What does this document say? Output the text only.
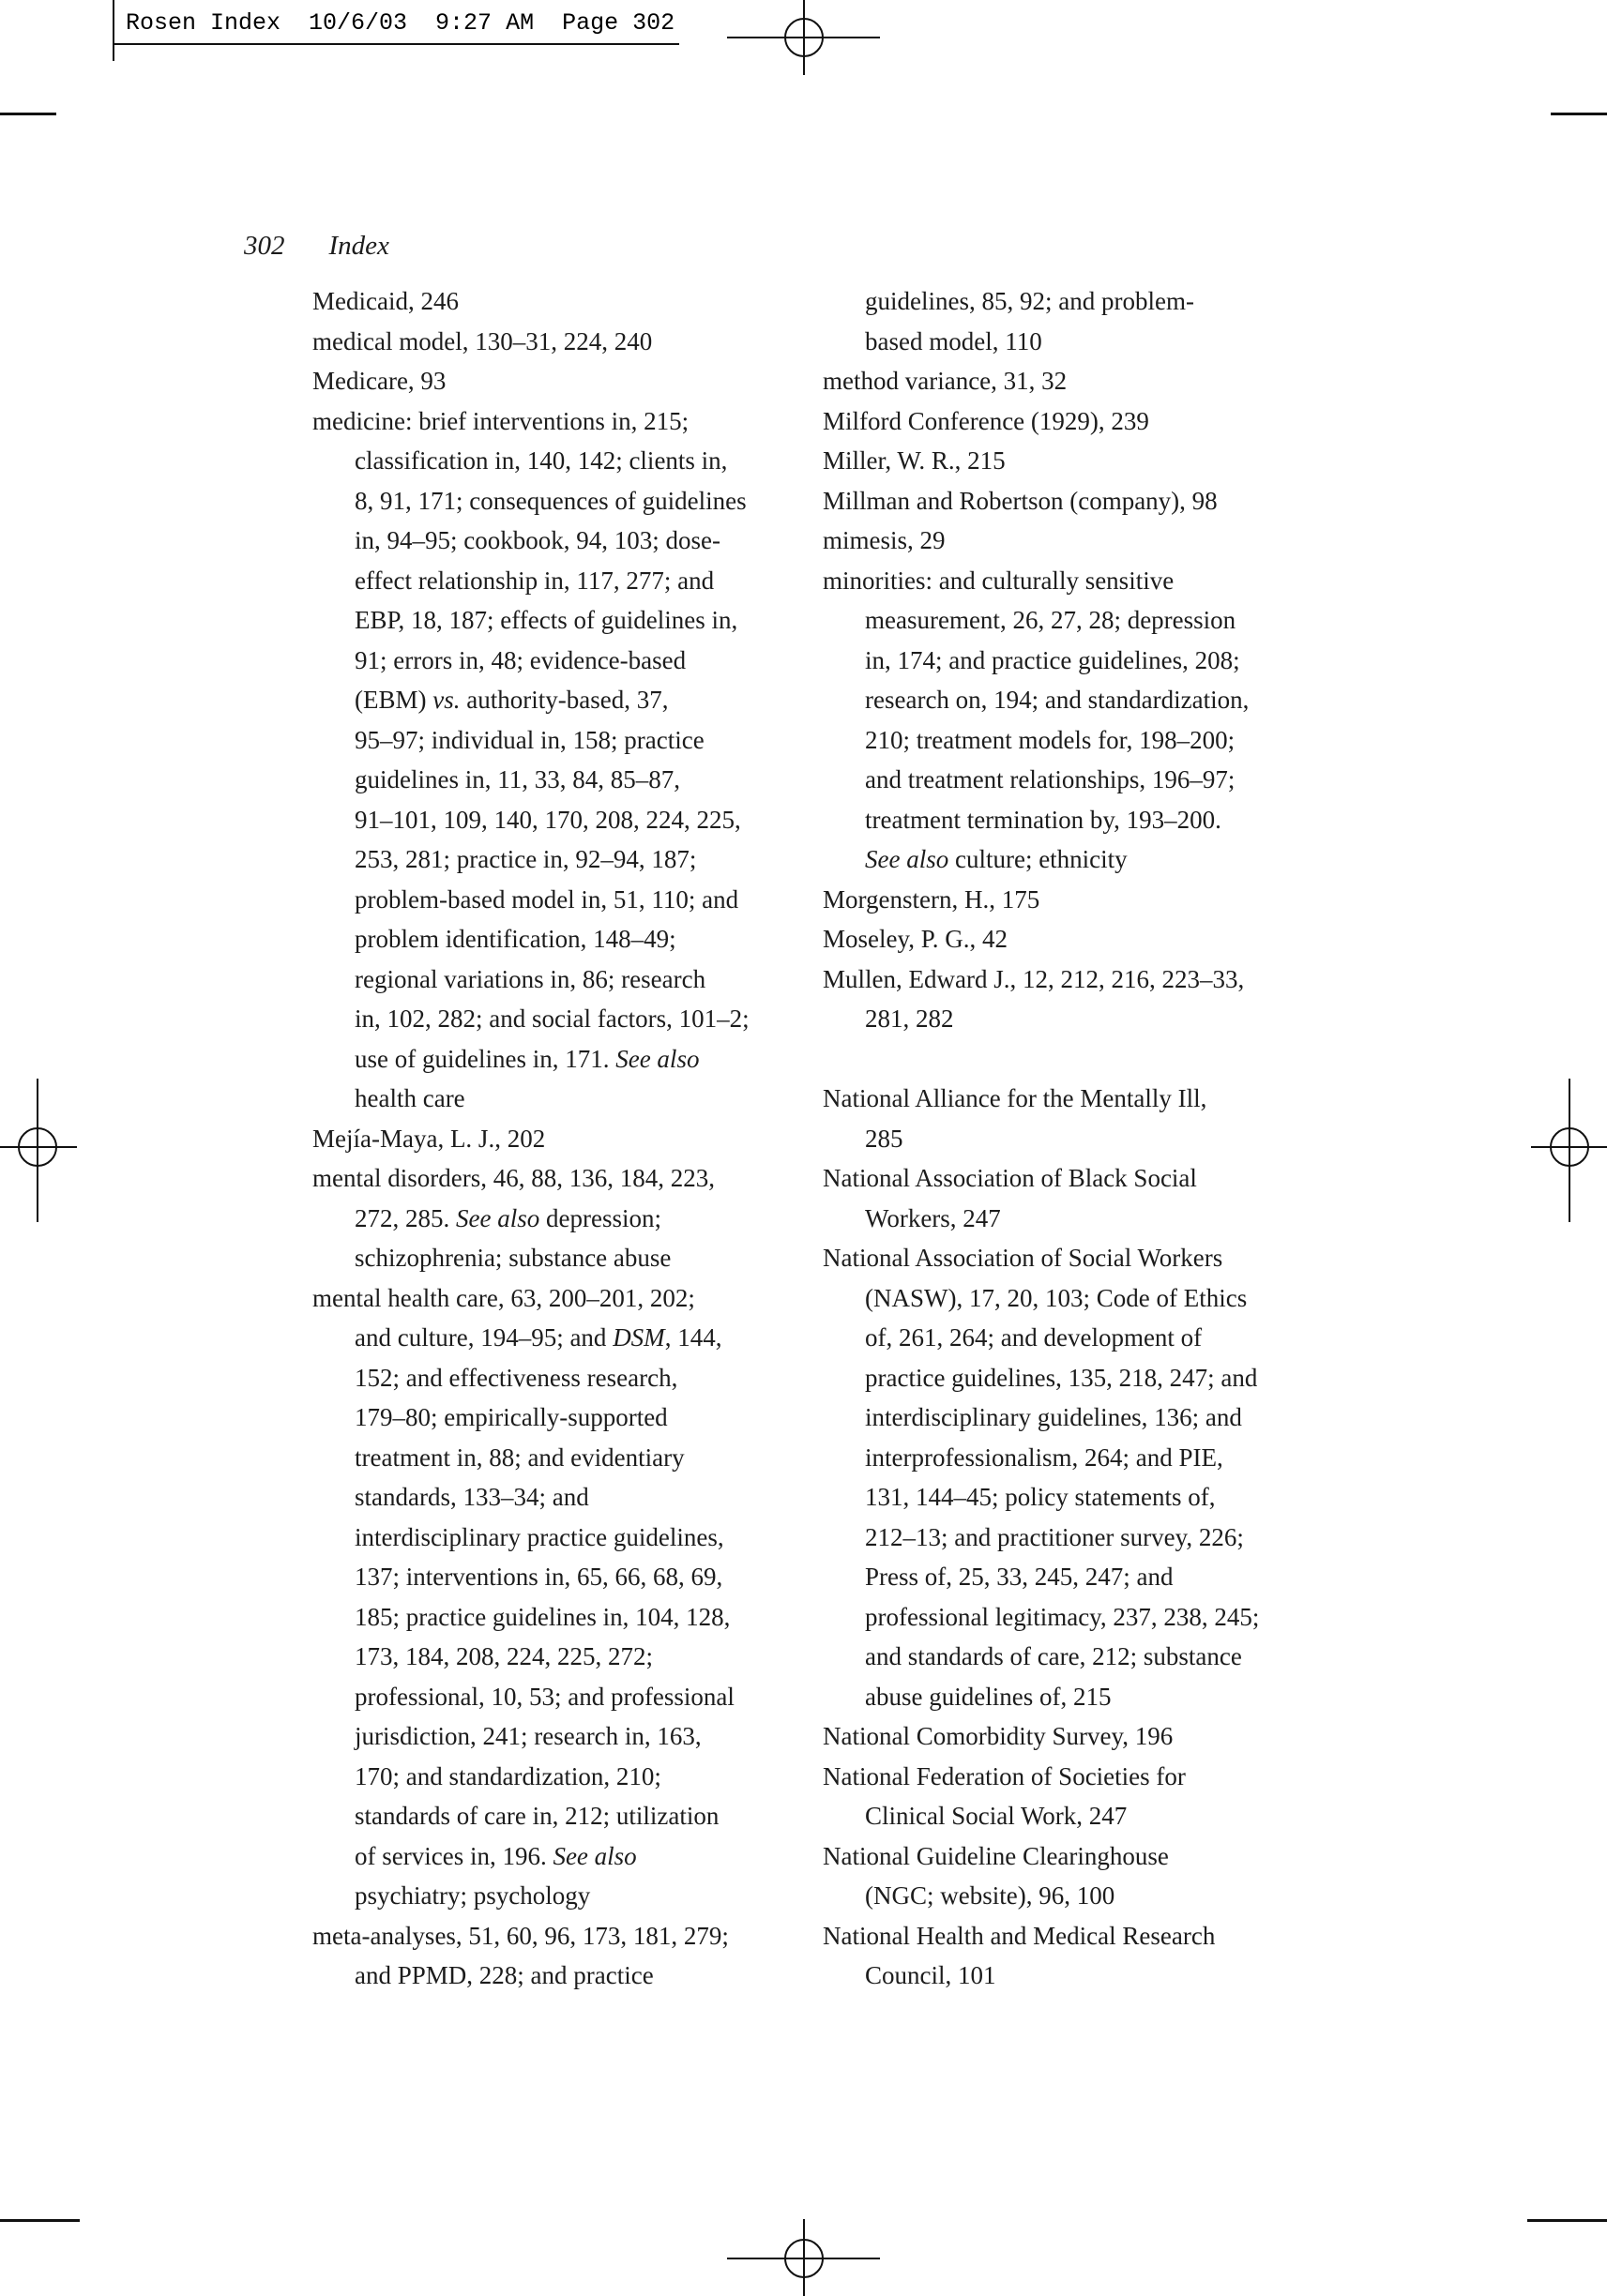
Rosen Index  10/6/03  9:27 AM  Page 302
302 Index
Medicaid, 246
medical model, 130–31, 224, 240
Medicare, 93
medicine: brief interventions in, 215;
classification in, 140, 142; clients in,
8, 91, 171; consequences of guidelines
in, 94–95; cookbook, 94, 103; dose-
effect relationship in, 117, 277; and
EBP, 18, 187; effects of guidelines in,
91; errors in, 48; evidence-based
(EBM) vs. authority-based, 37,
95–97; individual in, 158; practice
guidelines in, 11, 33, 84, 85–87,
91–101, 109, 140, 170, 208, 224, 225,
253, 281; practice in, 92–94, 187;
problem-based model in, 51, 110; and
problem identification, 148–49;
regional variations in, 86; research
in, 102, 282; and social factors, 101–2;
use of guidelines in, 171. See also
health care
Mejía-Maya, L. J., 202
mental disorders, 46, 88, 136, 184, 223,
272, 285. See also depression;
schizophrenia; substance abuse
mental health care, 63, 200–201, 202;
and culture, 194–95; and DSM, 144,
152; and effectiveness research,
179–80; empirically-supported
treatment in, 88; and evidentiary
standards, 133–34; and
interdisciplinary practice guidelines,
137; interventions in, 65, 66, 68, 69,
185; practice guidelines in, 104, 128,
173, 184, 208, 224, 225, 272;
professional, 10, 53; and professional
jurisdiction, 241; research in, 163,
170; and standardization, 210;
standards of care in, 212; utilization
of services in, 196. See also
psychiatry; psychology
meta-analyses, 51, 60, 96, 173, 181, 279;
and PPMD, 228; and practice
guidelines, 85, 92; and problem-
based model, 110
method variance, 31, 32
Milford Conference (1929), 239
Miller, W. R., 215
Millman and Robertson (company), 98
mimesis, 29
minorities: and culturally sensitive
measurement, 26, 27, 28; depression
in, 174; and practice guidelines, 208;
research on, 194; and standardization,
210; treatment models for, 198–200;
and treatment relationships, 196–97;
treatment termination by, 193–200.
See also culture; ethnicity
Morgenstern, H., 175
Moseley, P. G., 42
Mullen, Edward J., 12, 212, 216, 223–33,
281, 282

National Alliance for the Mentally Ill,
285
National Association of Black Social
Workers, 247
National Association of Social Workers
(NASW), 17, 20, 103; Code of Ethics
of, 261, 264; and development of
practice guidelines, 135, 218, 247; and
interdisciplinary guidelines, 136; and
interprofessionalism, 264; and PIE,
131, 144–45; policy statements of,
212–13; and practitioner survey, 226;
Press of, 25, 33, 245, 247; and
professional legitimacy, 237, 238, 245;
and standards of care, 212; substance
abuse guidelines of, 215
National Comorbidity Survey, 196
National Federation of Societies for
Clinical Social Work, 247
National Guideline Clearinghouse
(NGC; website), 96, 100
National Health and Medical Research
Council, 101
